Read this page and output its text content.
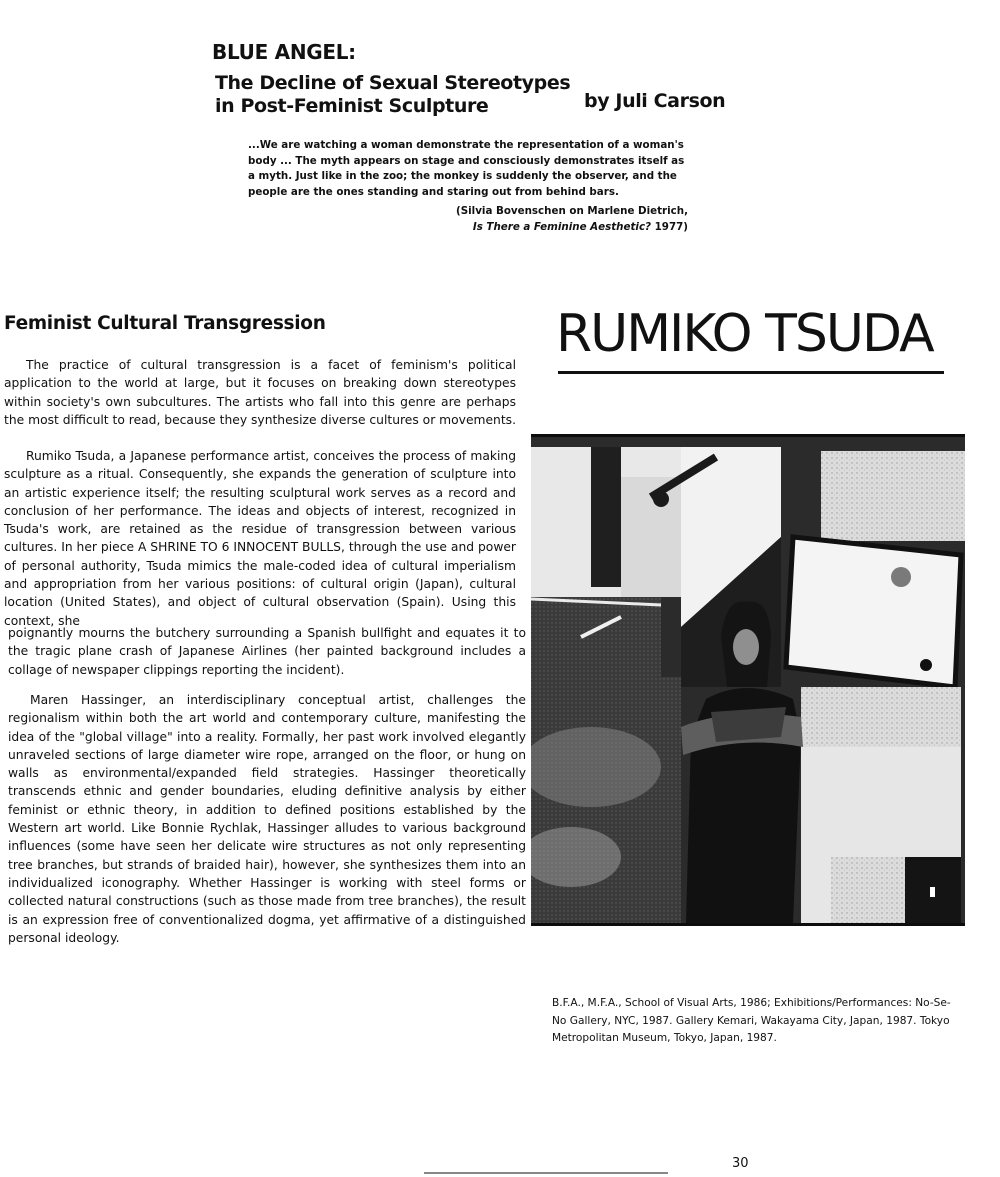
BLUE ANGEL:

The Decline of Sexual Stereotypes

in Post-Feminist Sculpture	by Juli Carson

...We are watching a woman demonstrate the representation of a woman's body ... The myth appears on stage and consciously demonstrates itself as a myth. Just like in the zoo; the monkey is suddenly the observer, and the people are the ones standing and staring out from behind bars.

(Silvia Bovenschen on Marlene Dietrich,
Is There a Feminine Aesthetic? 1977)

Feminist Cultural Transgression	RUMIKO TSUDA

The practice of cultural transgression is a facet of feminism's political application to the world at large, but it focuses on breaking down stereotypes within society's own subcultures. The artists who fall into this genre are perhaps the most difficult to read, because they synthesize diverse cultures or movements.

Rumiko Tsuda, a Japanese performance artist, conceives the process of making sculpture as a ritual. Consequently, she expands the generation of sculpture into an artistic experience itself; the resulting sculptural work serves as a record and conclusion of her performance. The ideas and objects of interest, recognized in Tsuda's work, are retained as the residue of transgression between various cultures. In her piece A SHRINE TO 6 INNOCENT BULLS, through the use and power of personal authority, Tsuda mimics the male-coded idea of cultural imperialism and appropriation from her various positions: of cultural origin (Japan), cultural location (United States), and object of cultural observation (Spain). Using this context, she

poignantly mourns the butchery surrounding a Spanish bullfight and equates it to the tragic plane crash of Japanese Airlines (her painted background includes a collage of newspaper clippings reporting the incident).

Maren Hassinger, an interdisciplinary conceptual artist, challenges the regionalism within both the art world and contemporary culture, manifesting the idea of the "global village" into a reality. Formally, her past work involved elegantly unraveled sections of large diameter wire rope, arranged on the floor, or hung on walls as environmental/expanded field strategies. Hassinger theoretically transcends ethnic and gender boundaries, eluding definitive analysis by either feminist or ethnic theory, in addition to defined positions established by the Western art world. Like Bonnie Rychlak, Hassinger alludes to various background influences (some have seen her delicate wire structures as not only representing tree branches, but strands of braided hair), however, she synthesizes them into an individualized iconography. Whether Hassinger is working with steel forms or collected natural constructions (such as those made from tree branches), the result is an expression free of conventionalized dogma, yet affirmative of a distinguished personal ideology.

B.F.A., M.F.A., School of Visual Arts, 1986; Exhibitions/Performances: No-Se-No Gallery, NYC, 1987. Gallery Kemari, Wakayama City, Japan, 1987. Tokyo Metropolitan Museum, Tokyo, Japan, 1987.

30
